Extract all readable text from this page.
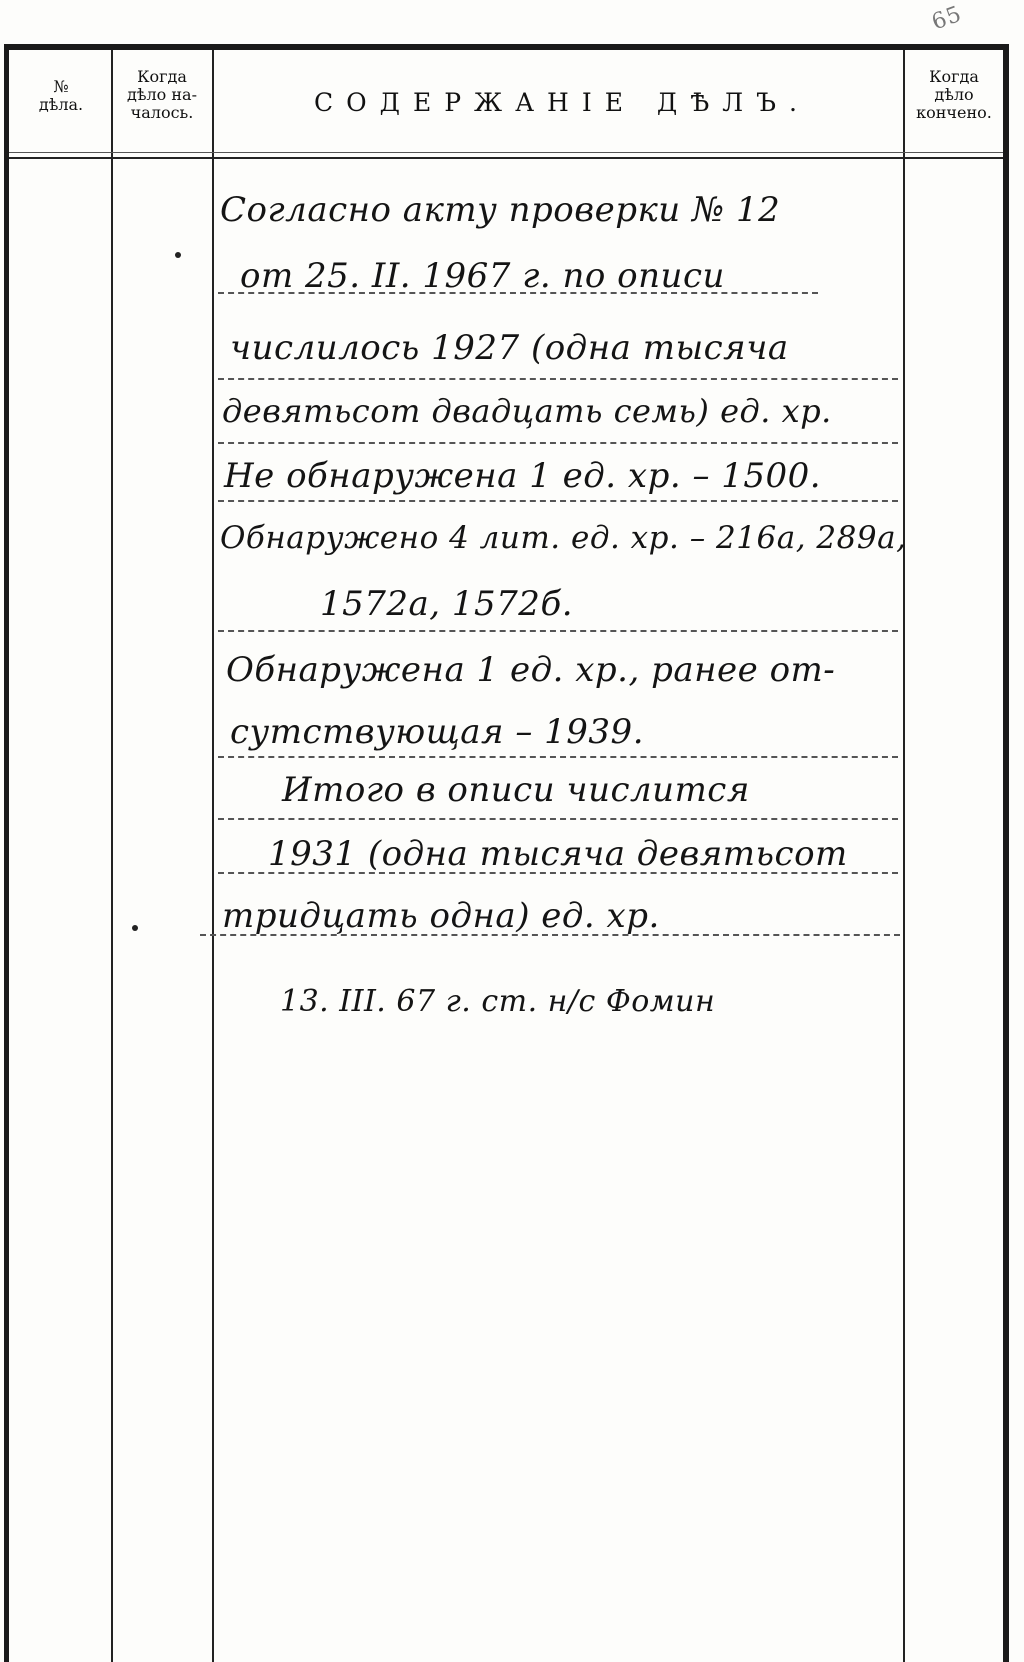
65
№
дѣла.
Когда
дѣло на-
чалось.	СОДЕРЖАНІЕ ДѢЛЪ.
Когда
дѣло
кончено.
Согласно акту проверки № 12
от 25. II. 1967 г. по описи
числилось 1927 (одна тысяча
девятьсот двадцать семь) ед. хр.
Не обнаружена 1 ед. хр. – 1500.
Обнаружено 4 лит. ед. хр. – 216а, 289а,
1572а, 1572б.
Обнаружена 1 ед. хр., ранее от-
сутствующая – 1939.
Итого в описи числится
1931 (одна тысяча девятьсот
тридцать одна) ед. хр.
13. III. 67 г. ст. н/с Фомин
